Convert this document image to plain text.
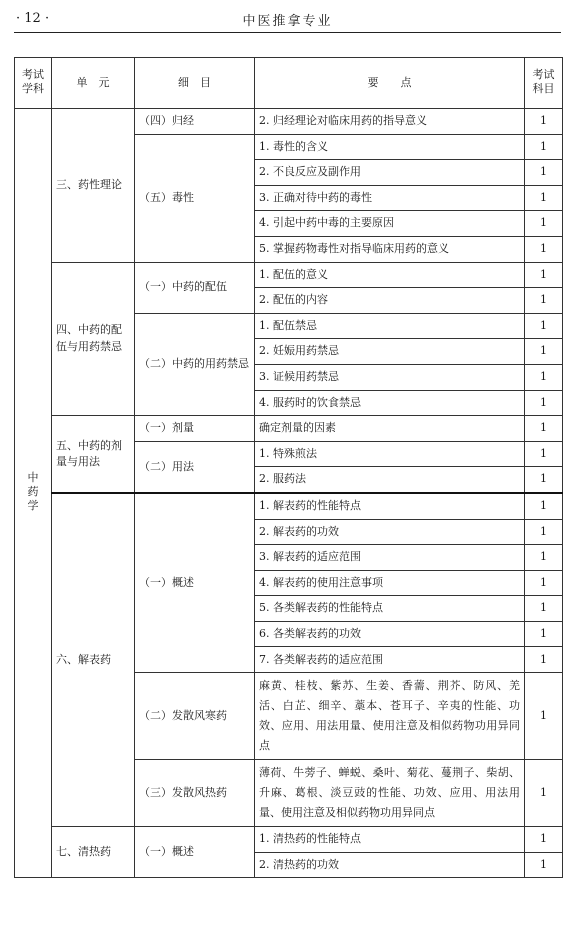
· 12 ·	中医推拿专业
考试学科	单　元	细　目	要　　点	考试科目
中药学	三、药性理论	（四）归经	2. 归经理论对临床用药的指导意义	1
		（五）毒性	1. 毒性的含义	1
			2. 不良反应及副作用	1
			3. 正确对待中药的毒性	1
			4. 引起中药中毒的主要原因	1
			5. 掌握药物毒性对指导临床用药的意义	1
	四、中药的配伍与用药禁忌	（一）中药的配伍	1. 配伍的意义	1
			2. 配伍的内容	1
		（二）中药的用药禁忌	1. 配伍禁忌	1
			2. 妊娠用药禁忌	1
			3. 证候用药禁忌	1
			4. 服药时的饮食禁忌	1
	五、中药的剂量与用法	（一）剂量	确定剂量的因素	1
		（二）用法	1. 特殊煎法	1
			2. 服药法	1
	六、解表药	（一）概述	1. 解表药的性能特点	1
			2. 解表药的功效	1
			3. 解表药的适应范围	1
			4. 解表药的使用注意事项	1
			5. 各类解表药的性能特点	1
			6. 各类解表药的功效	1
			7. 各类解表药的适应范围	1
		（二）发散风寒药	麻黄、桂枝、紫苏、生姜、香薷、荆芥、防风、羌活、白芷、细辛、藁本、苍耳子、辛夷的性能、功效、应用、用法用量、使用注意及相似药物功用异同点	1
		（三）发散风热药	薄荷、牛蒡子、蝉蜕、桑叶、菊花、蔓荆子、柴胡、升麻、葛根、淡豆豉的性能、功效、应用、用法用量、使用注意及相似药物功用异同点	1
	七、清热药	（一）概述	1. 清热药的性能特点	1
			2. 清热药的功效	1
